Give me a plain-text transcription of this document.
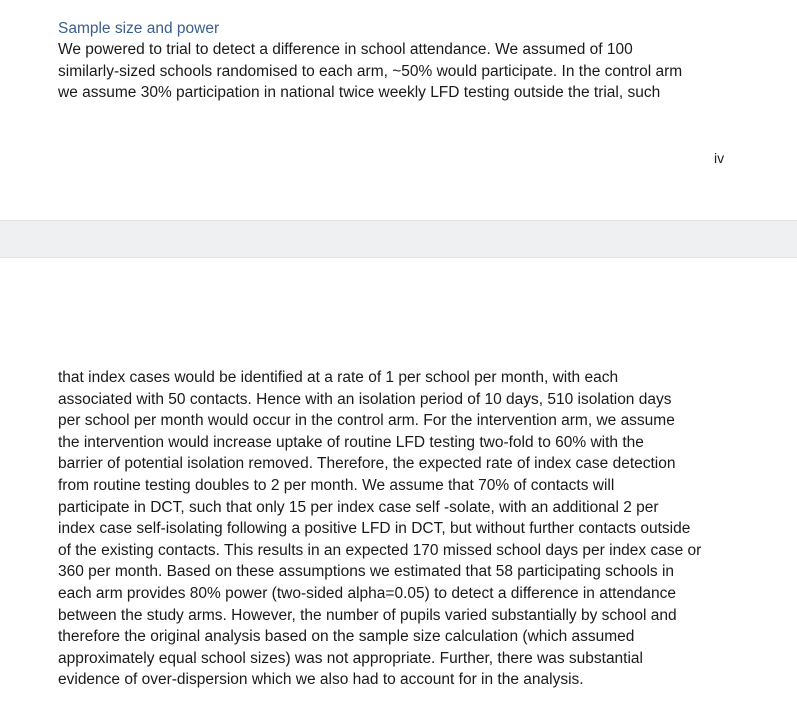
Sample size and power
We powered to trial to detect a difference in school attendance. We assumed of 100
similarly-sized schools randomised to each arm, ~50% would participate. In the control arm
we assume 30% participation in national twice weekly LFD testing outside the trial, such
iv
that index cases would be identified at a rate of 1 per school per month, with each
associated with 50 contacts. Hence with an isolation period of 10 days, 510 isolation days
per school per month would occur in the control arm. For the intervention arm, we assume
the intervention would increase uptake of routine LFD testing two-fold to 60% with the
barrier of potential isolation removed. Therefore, the expected rate of index case detection
from routine testing doubles to 2 per month. We assume that 70% of contacts will
participate in DCT, such that only 15 per index case self -solate, with an additional 2 per
index case self-isolating following a positive LFD in DCT, but without further contacts outside
of the existing contacts. This results in an expected 170 missed school days per index case or
360 per month. Based on these assumptions we estimated that 58 participating schools in
each arm provides 80% power (two-sided alpha=0.05) to detect a difference in attendance
between the study arms. However, the number of pupils varied substantially by school and
therefore the original analysis based on the sample size calculation (which assumed
approximately equal school sizes) was not appropriate. Further, there was substantial
evidence of over-dispersion which we also had to account for in the analysis.
